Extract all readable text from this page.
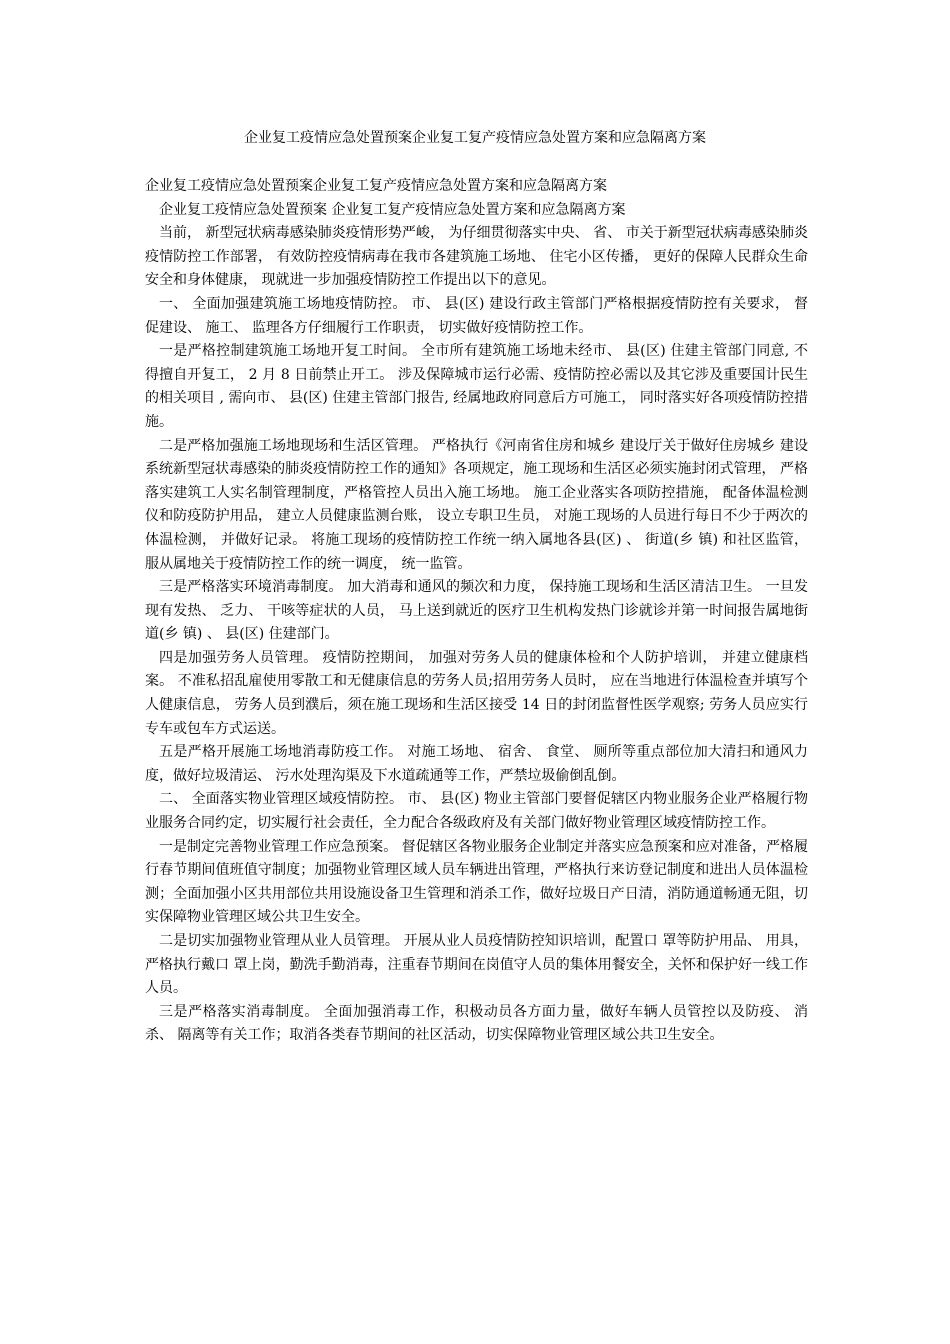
企业复工疫情应急处置预案企业复工复产疫情应急处置方案和应急隔离方案

企业复工疫情应急处置预案企业复工复产疫情应急处置方案和应急隔离方案

企业复工疫情应急处置预案 企业复工复产疫情应急处置方案和应急隔离方案

当前， 新型冠状病毒感染肺炎疫情形势严峻， 为仔细贯彻落实中央、 省、 市关于新型冠状病毒感染肺炎疫情防控工作部署， 有效防控疫情病毒在我市各建筑施工场地、 住宅小区传播， 更好的保障人民群众生命安全和身体健康， 现就进一步加强疫情防控工作提出以下的意见。

一、 全面加强建筑施工场地疫情防控。 市、 县(区) 建设行政主管部门严格根据疫情防控有关要求， 督促建设、 施工、 监理各方仔细履行工作职责， 切实做好疫情防控工作。

一是严格控制建筑施工场地开复工时间。 全市所有建筑施工场地未经市、 县(区) 住建主管部门同意, 不得擅自开复工， 2 月 8 日前禁止开工。 涉及保障城市运行必需、疫情防控必需以及其它涉及重要国计民生的相关项目 , 需向市、 县(区) 住建主管部门报告, 经属地政府同意后方可施工， 同时落实好各项疫情防控措施。

二是严格加强施工场地现场和生活区管理。 严格执行《河南省住房和城乡 建设厅关于做好住房城乡 建设系统新型冠状毒感染的肺炎疫情防控工作的通知》各项规定，施工现场和生活区必须实施封闭式管理， 严格落实建筑工人实名制管理制度，严格管控人员出入施工场地。 施工企业落实各项防控措施， 配备体温检测仪和防疫防护用品， 建立人员健康监测台账， 设立专职卫生员， 对施工现场的人员进行每日不少于两次的体温检测， 并做好记录。 将施工现场的疫情防控工作统一纳入属地各县(区) 、 街道(乡 镇) 和社区监管， 服从属地关于疫情防控工作的统一调度， 统一监管。

三是严格落实环境消毒制度。 加大消毒和通风的频次和力度， 保持施工现场和生活区清洁卫生。 一旦发现有发热、 乏力、 干咳等症状的人员， 马上送到就近的医疗卫生机构发热门诊就诊并第一时间报告属地街道(乡 镇) 、 县(区) 住建部门。

四是加强劳务人员管理。 疫情防控期间， 加强对劳务人员的健康体检和个人防护培训， 并建立健康档案。 不准私招乱雇使用零散工和无健康信息的劳务人员;招用劳务人员时， 应在当地进行体温检查并填写个人健康信息， 劳务人员到濮后，须在施工现场和生活区接受 14 日的封闭监督性医学观察; 劳务人员应实行专车或包车方式运送。

五是严格开展施工场地消毒防疫工作。 对施工场地、 宿舍、 食堂、 厕所等重点部位加大清扫和通风力度，做好垃圾清运、 污水处理沟渠及下水道疏通等工作，严禁垃圾偷倒乱倒。

二、 全面落实物业管理区域疫情防控。 市、 县(区) 物业主管部门要督促辖区内物业服务企业严格履行物业服务合同约定，切实履行社会责任，全力配合各级政府及有关部门做好物业管理区域疫情防控工作。

一是制定完善物业管理工作应急预案。 督促辖区各物业服务企业制定并落实应急预案和应对准备，严格履行春节期间值班值守制度；加强物业管理区域人员车辆进出管理，严格执行来访登记制度和进出人员体温检测；全面加强小区共用部位共用设施设备卫生管理和消杀工作，做好垃圾日产日清，消防通道畅通无阻，切实保障物业管理区域公共卫生安全。

二是切实加强物业管理从业人员管理。 开展从业人员疫情防控知识培训，配置口 罩等防护用品、 用具，严格执行戴口 罩上岗，勤洗手勤消毒，注重春节期间在岗值守人员的集体用餐安全，关怀和保护好一线工作人员。

三是严格落实消毒制度。 全面加强消毒工作，积极动员各方面力量，做好车辆人员管控以及防疫、 消杀、 隔离等有关工作；取消各类春节期间的社区活动，切实保障物业管理区域公共卫生安全。
